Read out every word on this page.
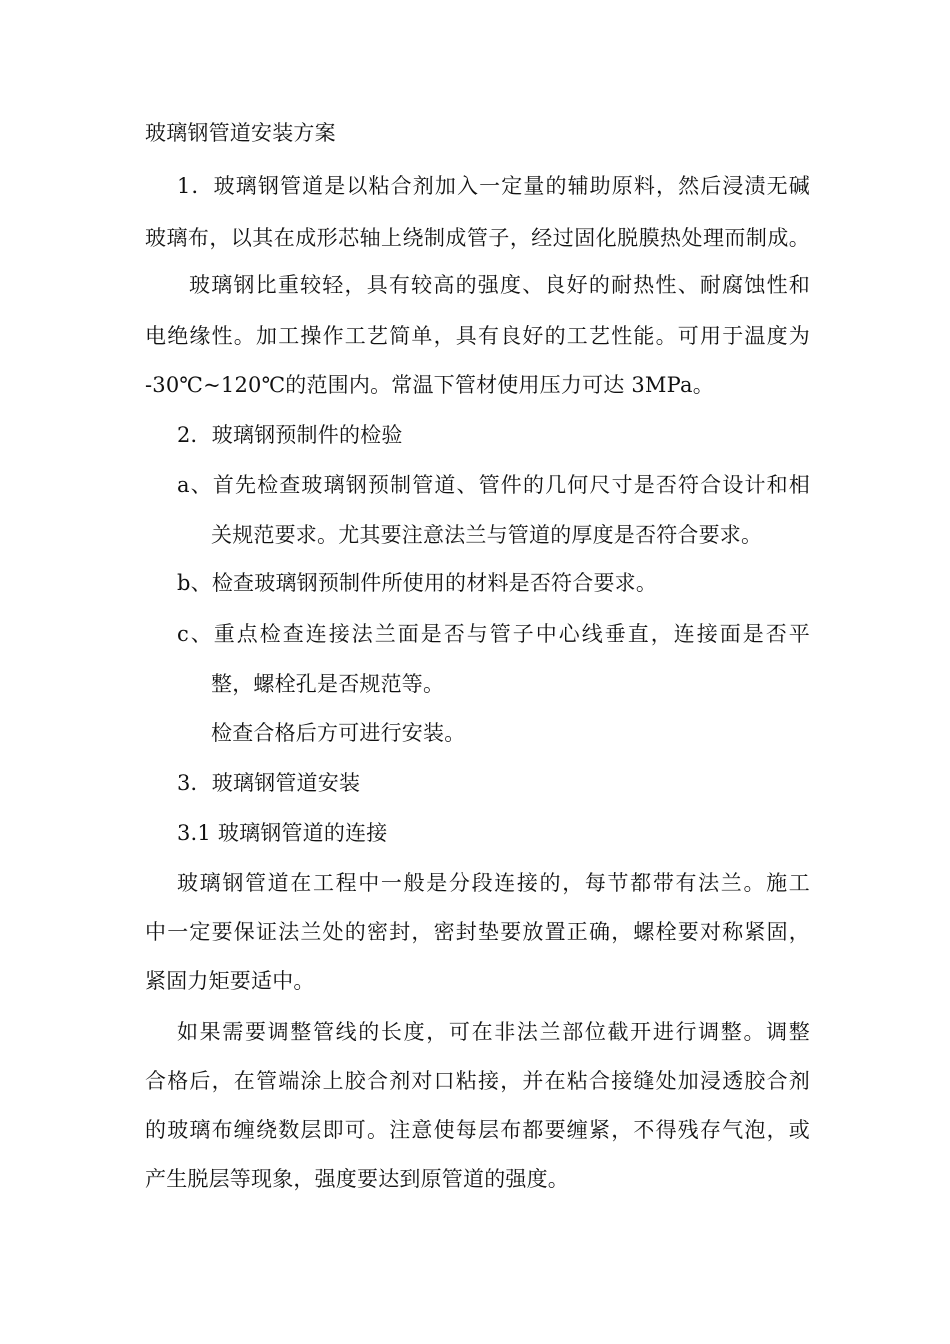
玻璃钢管道安装方案
1．玻璃钢管道是以粘合剂加入一定量的辅助原料，然后浸渍无碱
玻璃布，以其在成形芯轴上绕制成管子，经过固化脱膜热处理而制成。
玻璃钢比重较轻，具有较高的强度、良好的耐热性、耐腐蚀性和
电绝缘性。加工操作工艺简单，具有良好的工艺性能。可用于温度为
-30℃~120℃的范围内。常温下管材使用压力可达 3MPa。
2．玻璃钢预制件的检验
a、首先检查玻璃钢预制管道、管件的几何尺寸是否符合设计和相
关规范要求。尤其要注意法兰与管道的厚度是否符合要求。
b、检查玻璃钢预制件所使用的材料是否符合要求。
c、重点检查连接法兰面是否与管子中心线垂直，连接面是否平
整，螺栓孔是否规范等。
检查合格后方可进行安装。
3．玻璃钢管道安装
3.1 玻璃钢管道的连接
玻璃钢管道在工程中一般是分段连接的，每节都带有法兰。施工
中一定要保证法兰处的密封，密封垫要放置正确，螺栓要对称紧固，
紧固力矩要适中。
如果需要调整管线的长度，可在非法兰部位截开进行调整。调整
合格后，在管端涂上胶合剂对口粘接，并在粘合接缝处加浸透胶合剂
的玻璃布缠绕数层即可。注意使每层布都要缠紧，不得残存气泡，或
产生脱层等现象，强度要达到原管道的强度。
